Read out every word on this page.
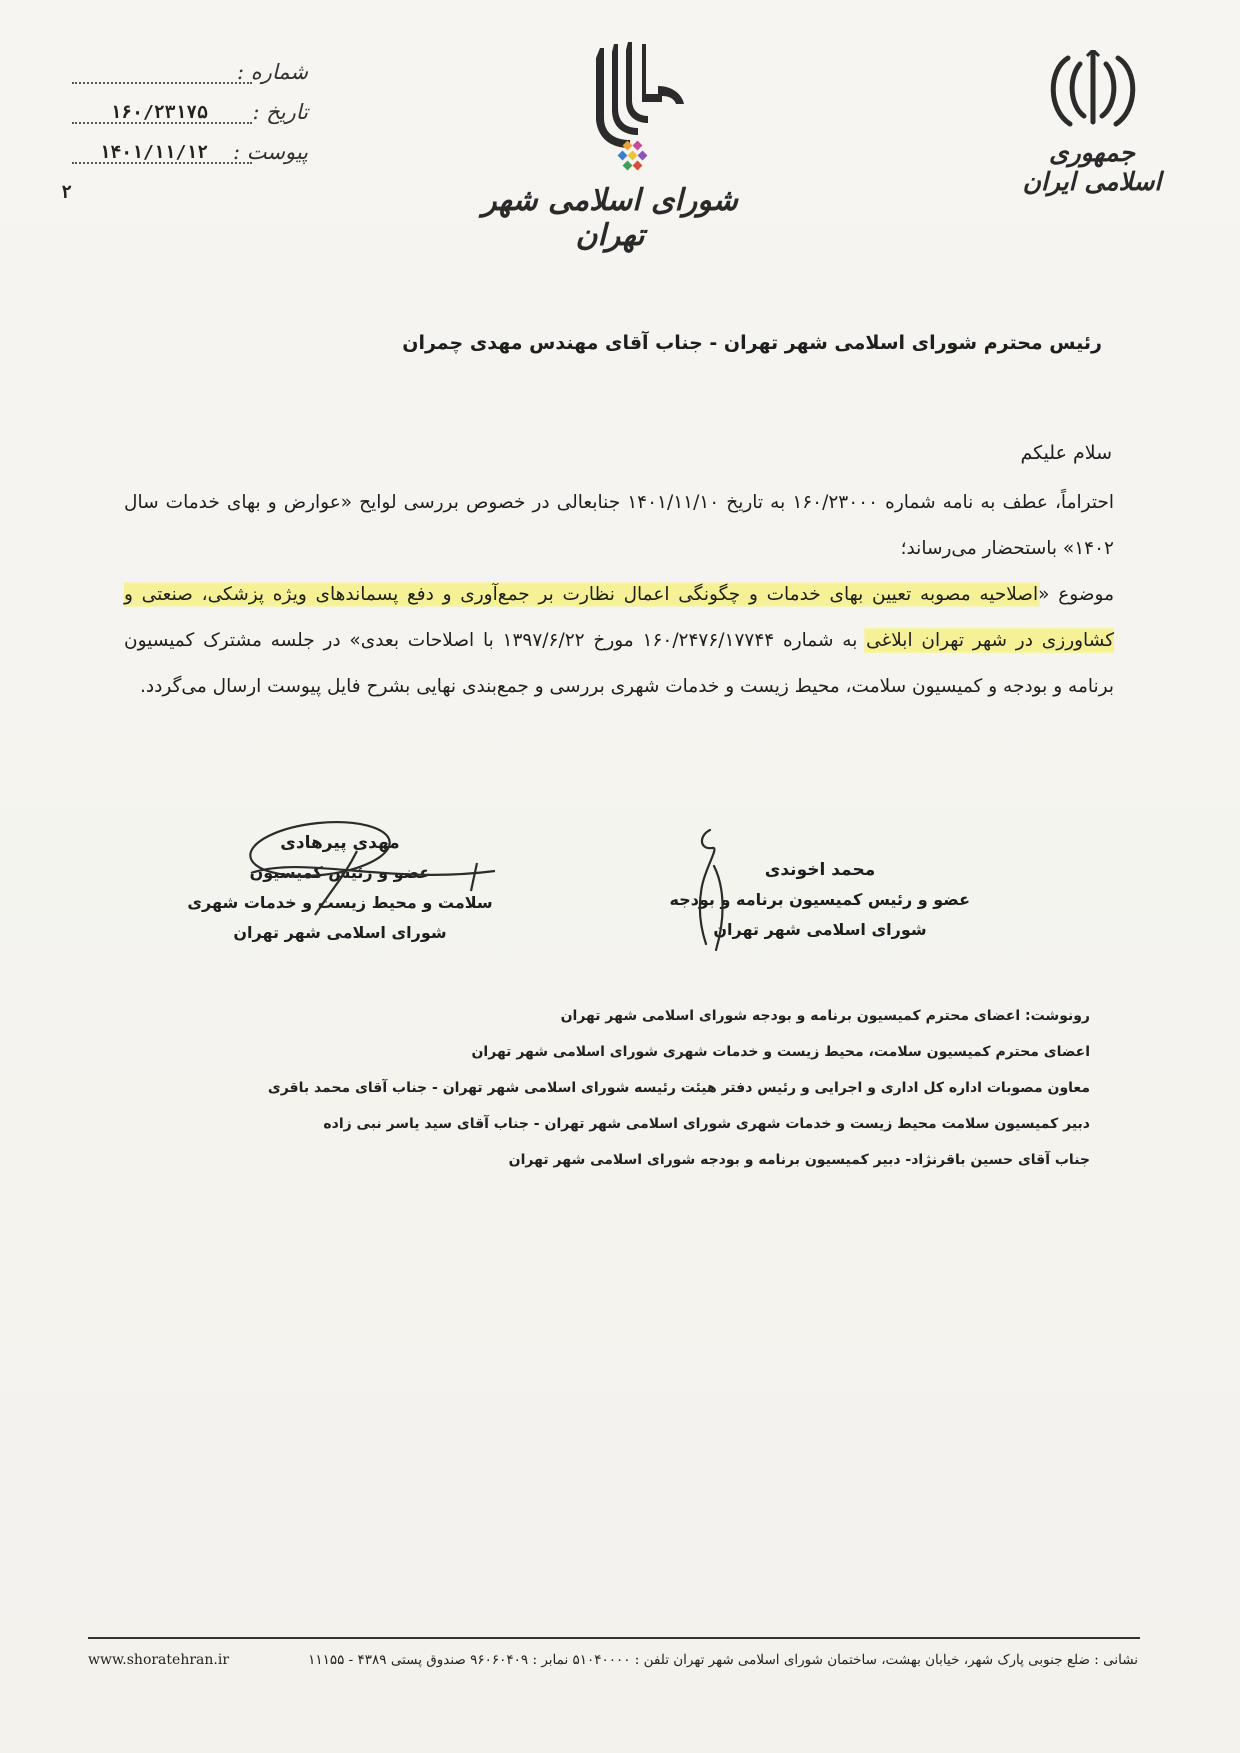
جمهوری اسلامی ایران
شورای اسلامی شهر تهران
شماره :
۱۶۰/۲۳۱۷۵ تاریخ :
۱۴۰۱/۱۱/۱۲ پیوست :
۲
رئیس محترم شورای اسلامی شهر تهران - جناب آقای مهندس مهدی چمران
سلام علیکم

احتراماً، عطف به نامه شماره ۱۶۰/۲۳۰۰۰ به تاریخ ۱۴۰۱/۱۱/۱۰ جنابعالی در خصوص بررسی لوایح «عوارض و بهای خدمات سال ۱۴۰۲» باستحضار می‌رساند؛

موضوع «اصلاحیه مصوبه تعیین بهای خدمات و چگونگی اعمال نظارت بر جمع‌آوری و دفع پسماندهای ویژه پزشکی، صنعتی و کشاورزی در شهر تهران ابلاغی به شماره ۱۶۰/۲۴۷۶/۱۷۷۴۴ مورخ ۱۳۹۷/۶/۲۲ با اصلاحات بعدی» در جلسه مشترک کمیسیون برنامه و بودجه و کمیسیون سلامت، محیط زیست و خدمات شهری بررسی و جمع‌بندی نهایی بشرح فایل پیوست ارسال می‌گردد.

محمد اخوندی
عضو و رئیس کمیسیون برنامه و بودجه
شورای اسلامی شهر تهران
مهدی پیرهادی
عضو و رئیس کمیسیون
سلامت و محیط زیست و خدمات شهری
شورای اسلامی شهر تهران
رونوشت: اعضای محترم کمیسیون برنامه و بودجه شورای اسلامی شهر تهران
اعضای محترم کمیسیون سلامت، محیط زیست و خدمات شهری شورای اسلامی شهر تهران
معاون مصوبات اداره کل اداری و اجرایی و رئیس دفتر هیئت رئیسه شورای اسلامی شهر تهران - جناب آقای محمد باقری
دبیر کمیسیون سلامت محیط زیست و خدمات شهری شورای اسلامی شهر تهران - جناب آقای سید یاسر نبی زاده
جناب آقای حسین باقرنژاد- دبیر کمیسیون برنامه و بودجه شورای اسلامی شهر تهران
نشانی : ضلع جنوبی پارک شهر، خیابان بهشت، ساختمان شورای اسلامی شهر تهران تلفن : ۵۱۰۴۰۰۰۰ نمابر : ۹۶۰۶۰۴۰۹ صندوق پستی ۴۳۸۹ - ۱۱۱۵۵
www.shoratehran.ir
